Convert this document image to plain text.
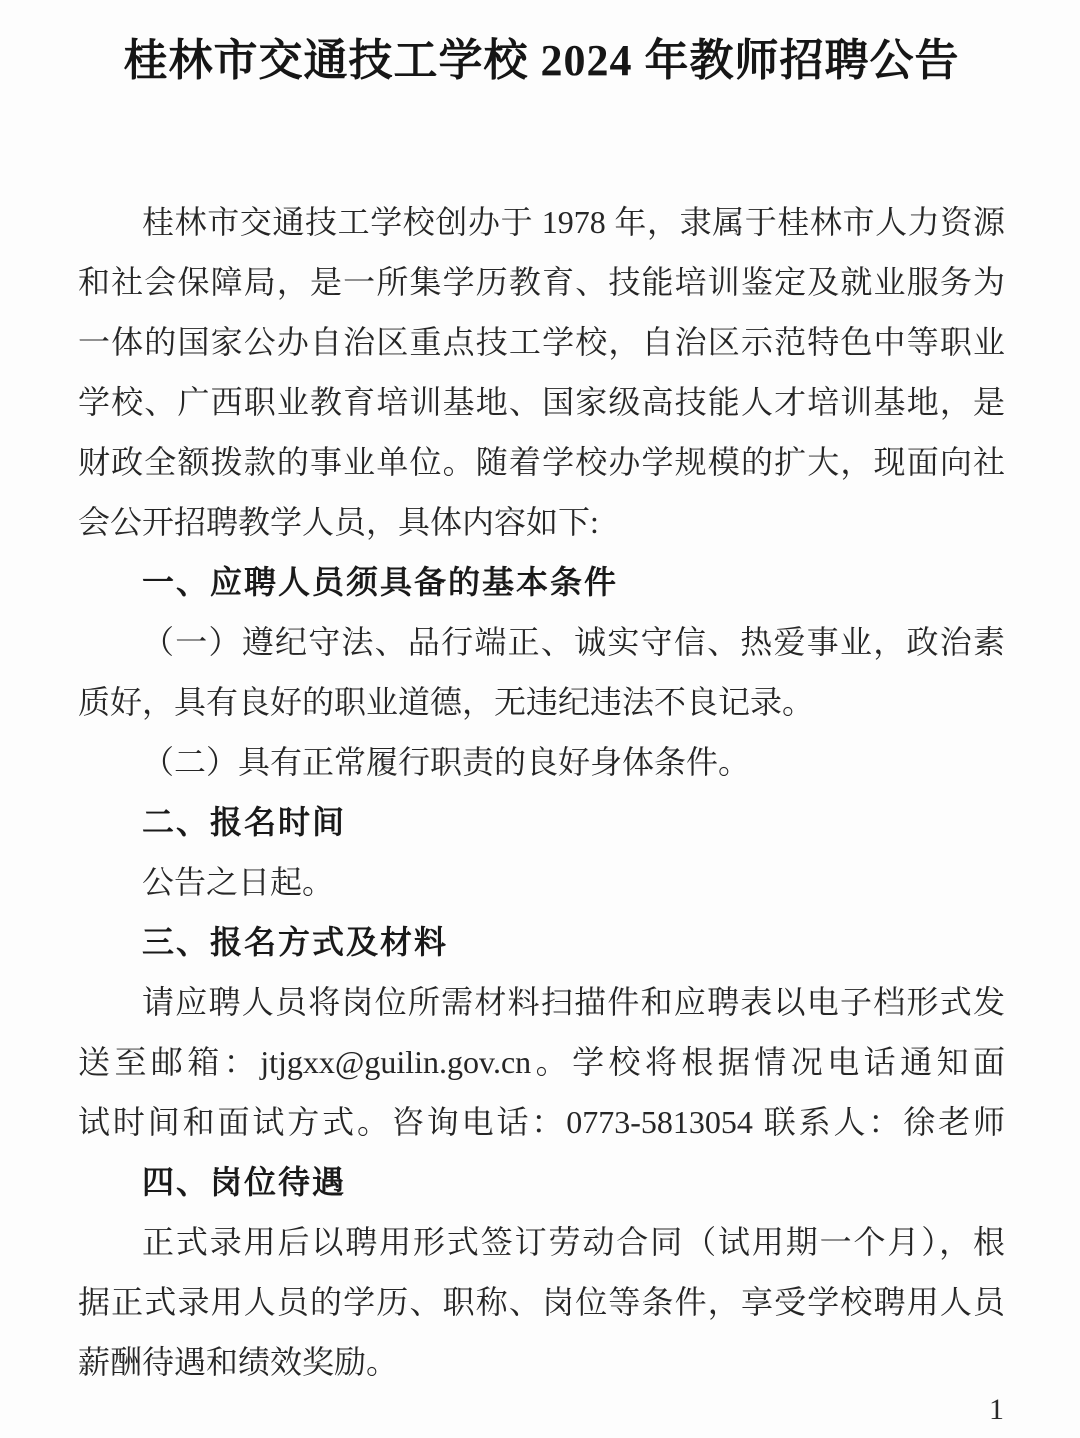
桂林市交通技工学校 2024 年教师招聘公告
桂林市交通技工学校创办于 1978 年，隶属于桂林市人力资源
和社会保障局，是一所集学历教育、技能培训鉴定及就业服务为
一体的国家公办自治区重点技工学校，自治区示范特色中等职业
学校、广西职业教育培训基地、国家级高技能人才培训基地，是
财政全额拨款的事业单位。随着学校办学规模的扩大，现面向社
会公开招聘教学人员，具体内容如下:
一、应聘人员须具备的基本条件
（一）遵纪守法、品行端正、诚实守信、热爱事业，政治素
质好，具有良好的职业道德，无违纪违法不良记录。
（二）具有正常履行职责的良好身体条件。
二、报名时间
公告之日起。
三、报名方式及材料
请应聘人员将岗位所需材料扫描件和应聘表以电子档形式发
送至邮箱：jtjgxx@guilin.gov.cn。学校将根据情况电话通知面
试时间和面试方式。咨询电话：0773-5813054 联系人：徐老师
四、岗位待遇
正式录用后以聘用形式签订劳动合同（试用期一个月），根
据正式录用人员的学历、职称、岗位等条件，享受学校聘用人员
薪酬待遇和绩效奖励。
1
